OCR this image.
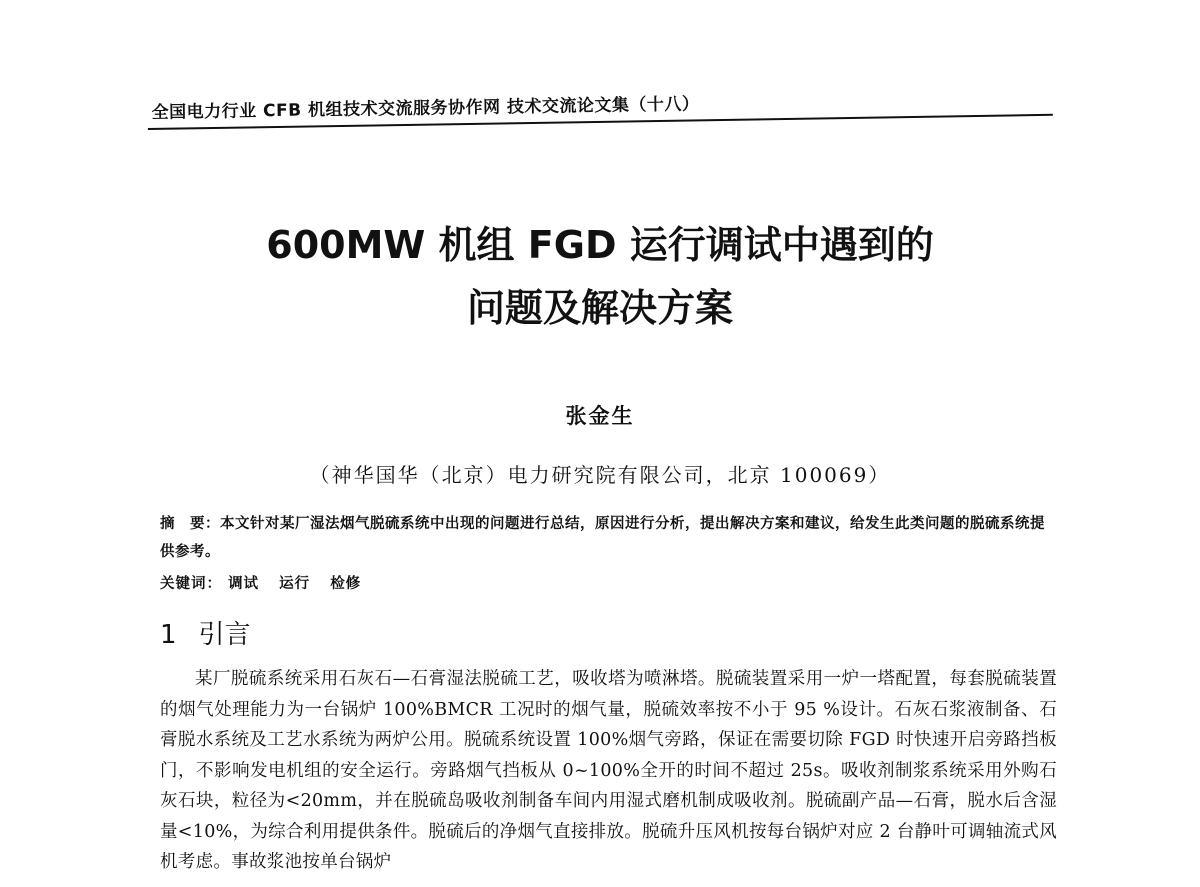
全国电力行业 CFB 机组技术交流服务协作网 技术交流论文集（十八）
600MW 机组 FGD 运行调试中遇到的
问题及解决方案
张金生
（神华国华（北京）电力研究院有限公司，北京 100069）
摘　要：本文针对某厂湿法烟气脱硫系统中出现的问题进行总结，原因进行分析，提出解决方案和建议，给发生此类问题的脱硫系统提供参考。
关键词： 调试 运行 检修
1 引言
某厂脱硫系统采用石灰石—石膏湿法脱硫工艺，吸收塔为喷淋塔。脱硫装置采用一炉一塔配置，每套脱硫装置的烟气处理能力为一台锅炉 100%BMCR 工况时的烟气量，脱硫效率按不小于 95 %设计。石灰石浆液制备、石膏脱水系统及工艺水系统为两炉公用。脱硫系统设置 100%烟气旁路，保证在需要切除 FGD 时快速开启旁路挡板门，不影响发电机组的安全运行。旁路烟气挡板从 0~100%全开的时间不超过 25s。吸收剂制浆系统采用外购石灰石块，粒径为<20mm，并在脱硫岛吸收剂制备车间内用湿式磨机制成吸收剂。脱硫副产品—石膏，脱水后含湿量<10%，为综合利用提供条件。脱硫后的净烟气直接排放。脱硫升压风机按每台锅炉对应 2 台静叶可调轴流式风机考虑。事故浆池按单台锅炉
